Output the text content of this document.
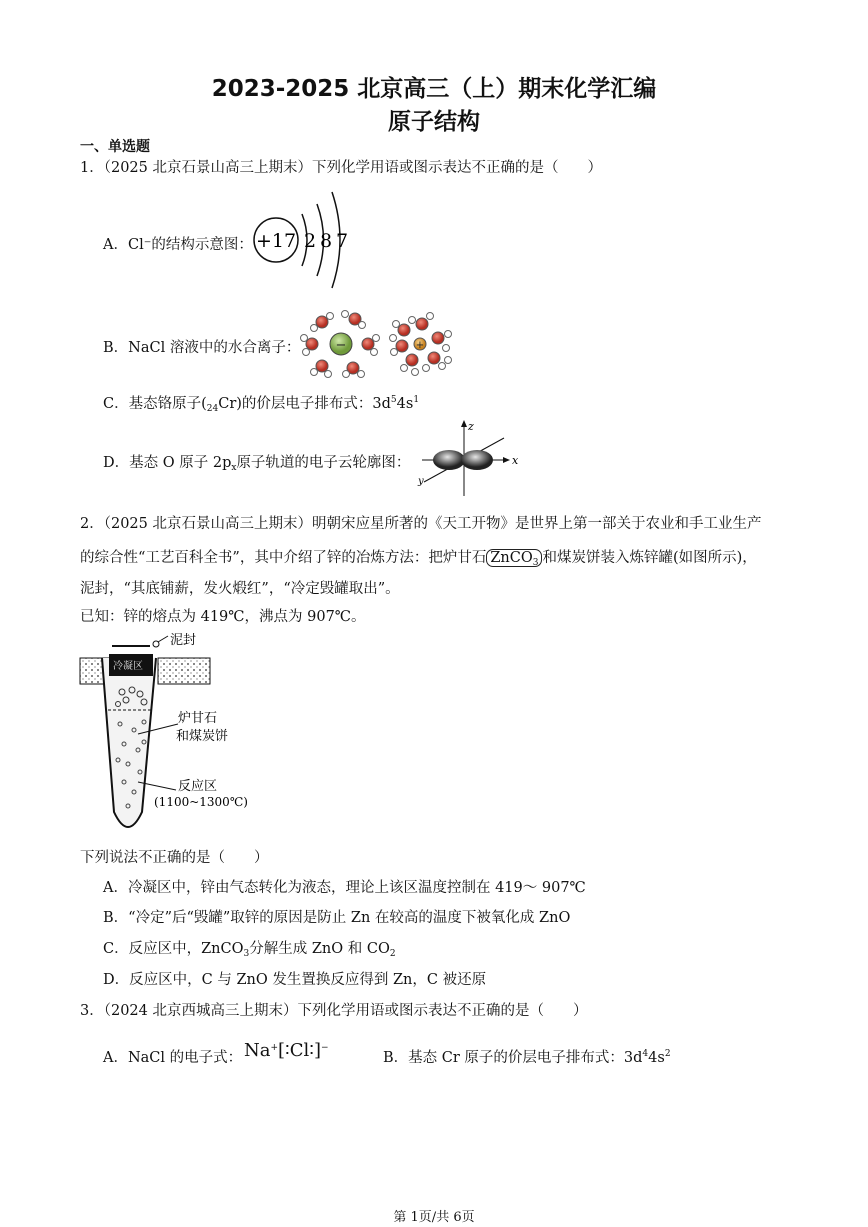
2023-2025 北京高三（上）期末化学汇编
原子结构
一、单选题
1．（2025 北京石景山高三上期末）下列化学用语或图示表达不正确的是（　　）
A．Cl⁻的结构示意图： +17 2 8 7
B．NaCl 溶液中的水合离子：	−	+
C．基态铬原子$(_{24}Cr)$的价层电子排布式：$3d^54s^1$
D．基态 O 原子 $2p_x$原子轨道的电子云轮廓图：
z
x
y
2．（2025 北京石景山高三上期末）明朝宋应星所著的《天工开物》是世界上第一部关于农业和手工业生产
的综合性“工艺百科全书”，其中介绍了锌的冶炼方法：把炉甘石 ZnCO$_3$ 和煤炭饼装入炼锌罐(如图所示)，
泥封，“其底铺薪，发火煅红”，“冷定毁罐取出”。
已知：锌的熔点为 419℃，沸点为 907℃。
冷凝区
泥封
炉甘石
和煤炭饼
反应区
(1100~1300℃)
下列说法不正确的是（　　）
A．冷凝区中，锌由气态转化为液态，理论上该区温度控制在 419～ 907℃
B．“冷定”后“毁罐”取锌的原因是防止 Zn 在较高的温度下被氧化成 ZnO
C．反应区中，ZnCO$_3$分解生成 ZnO 和 $CO_2$
D．反应区中，C 与 ZnO 发生置换反应得到 Zn，C 被还原
3．（2024 北京西城高三上期末）下列化学用语或图示表达不正确的是（　　）
A．NaCl 的电子式： Na+[∶Cl∶]−
B．基态 Cr 原子的价层电子排布式：$3d^44s^2$
第 1页/共 6页
